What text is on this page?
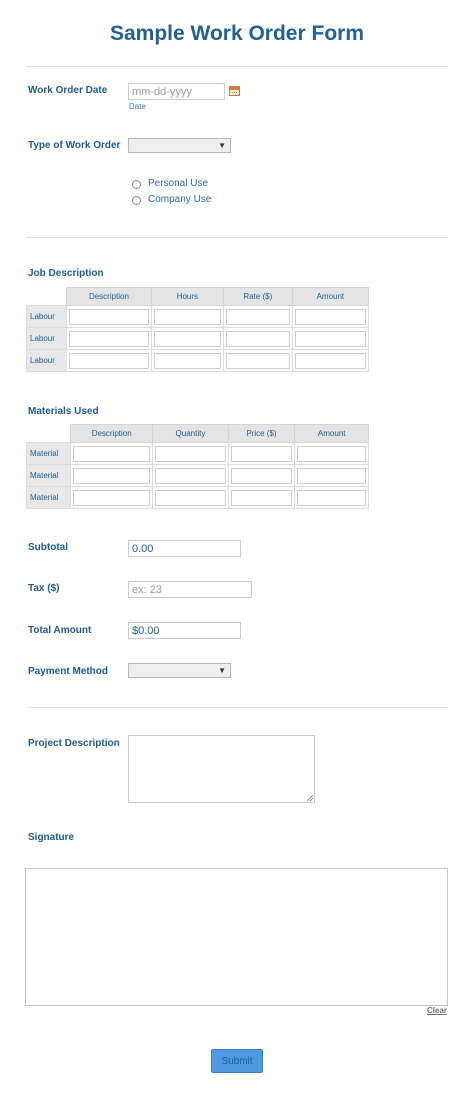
Sample Work Order Form
Work Order Date
mm-dd-yyyy
Date
Type of Work Order	▼
Personal Use
Company Use
Job Description
	Description	Hours	Rate ($)	Amount
Labour	

Labour	

Labour	

Materials Used
	Description	Quantity	Price ($)	Amount
Material	

Material	

Material	

Subtotal
0.00
Tax ($)
ex: 23
Total Amount
$0.00
Payment Method	▼
Project Description
Signature
Clear
Submit
